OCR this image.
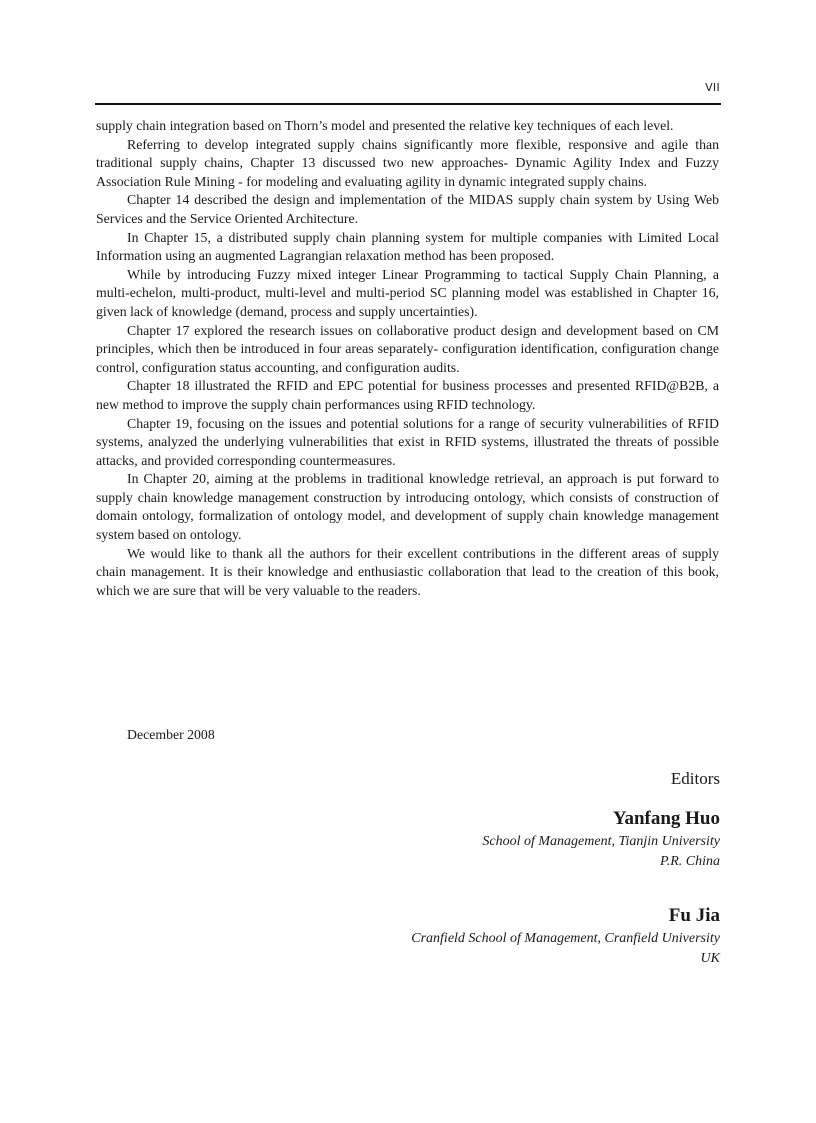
VII

supply chain integration based on Thorn’s model and presented the relative key techniques of each level.

Referring to develop integrated supply chains significantly more flexible, responsive and agile than traditional supply chains, Chapter 13 discussed two new approaches- Dynamic Agility Index and Fuzzy Association Rule Mining - for modeling and evaluating agility in dynamic integrated supply chains.

Chapter 14 described the design and implementation of the MIDAS supply chain system by Using Web Services and the Service Oriented Architecture.

In Chapter 15, a distributed supply chain planning system for multiple companies with Limited Local Information using an augmented Lagrangian relaxation method has been proposed.

While by introducing Fuzzy mixed integer Linear Programming to tactical Supply Chain Planning, a multi-echelon, multi-product, multi-level and multi-period SC planning model was established in Chapter 16, given lack of knowledge (demand, process and supply uncertainties).

Chapter 17 explored the research issues on collaborative product design and development based on CM principles, which then be introduced in four areas separately- configuration identification, configuration change control, configuration status accounting, and configuration audits.

Chapter 18 illustrated the RFID and EPC potential for business processes and presented RFID@B2B, a new method to improve the supply chain performances using RFID technology.

Chapter 19, focusing on the issues and potential solutions for a range of security vulnerabilities of RFID systems, analyzed the underlying vulnerabilities that exist in RFID systems, illustrated the threats of possible attacks, and provided corresponding countermeasures.

In Chapter 20, aiming at the problems in traditional knowledge retrieval, an approach is put forward to supply chain knowledge management construction by introducing ontology, which consists of construction of domain ontology, formalization of ontology model, and development of supply chain knowledge management system based on ontology.

We would like to thank all the authors for their excellent contributions in the different areas of supply chain management. It is their knowledge and enthusiastic collaboration that lead to the creation of this book, which we are sure that will be very valuable to the readers.

December 2008
Editors
Yanfang Huo
School of Management, Tianjin University
P.R. China
Fu Jia
Cranfield School of Management, Cranfield University
UK
